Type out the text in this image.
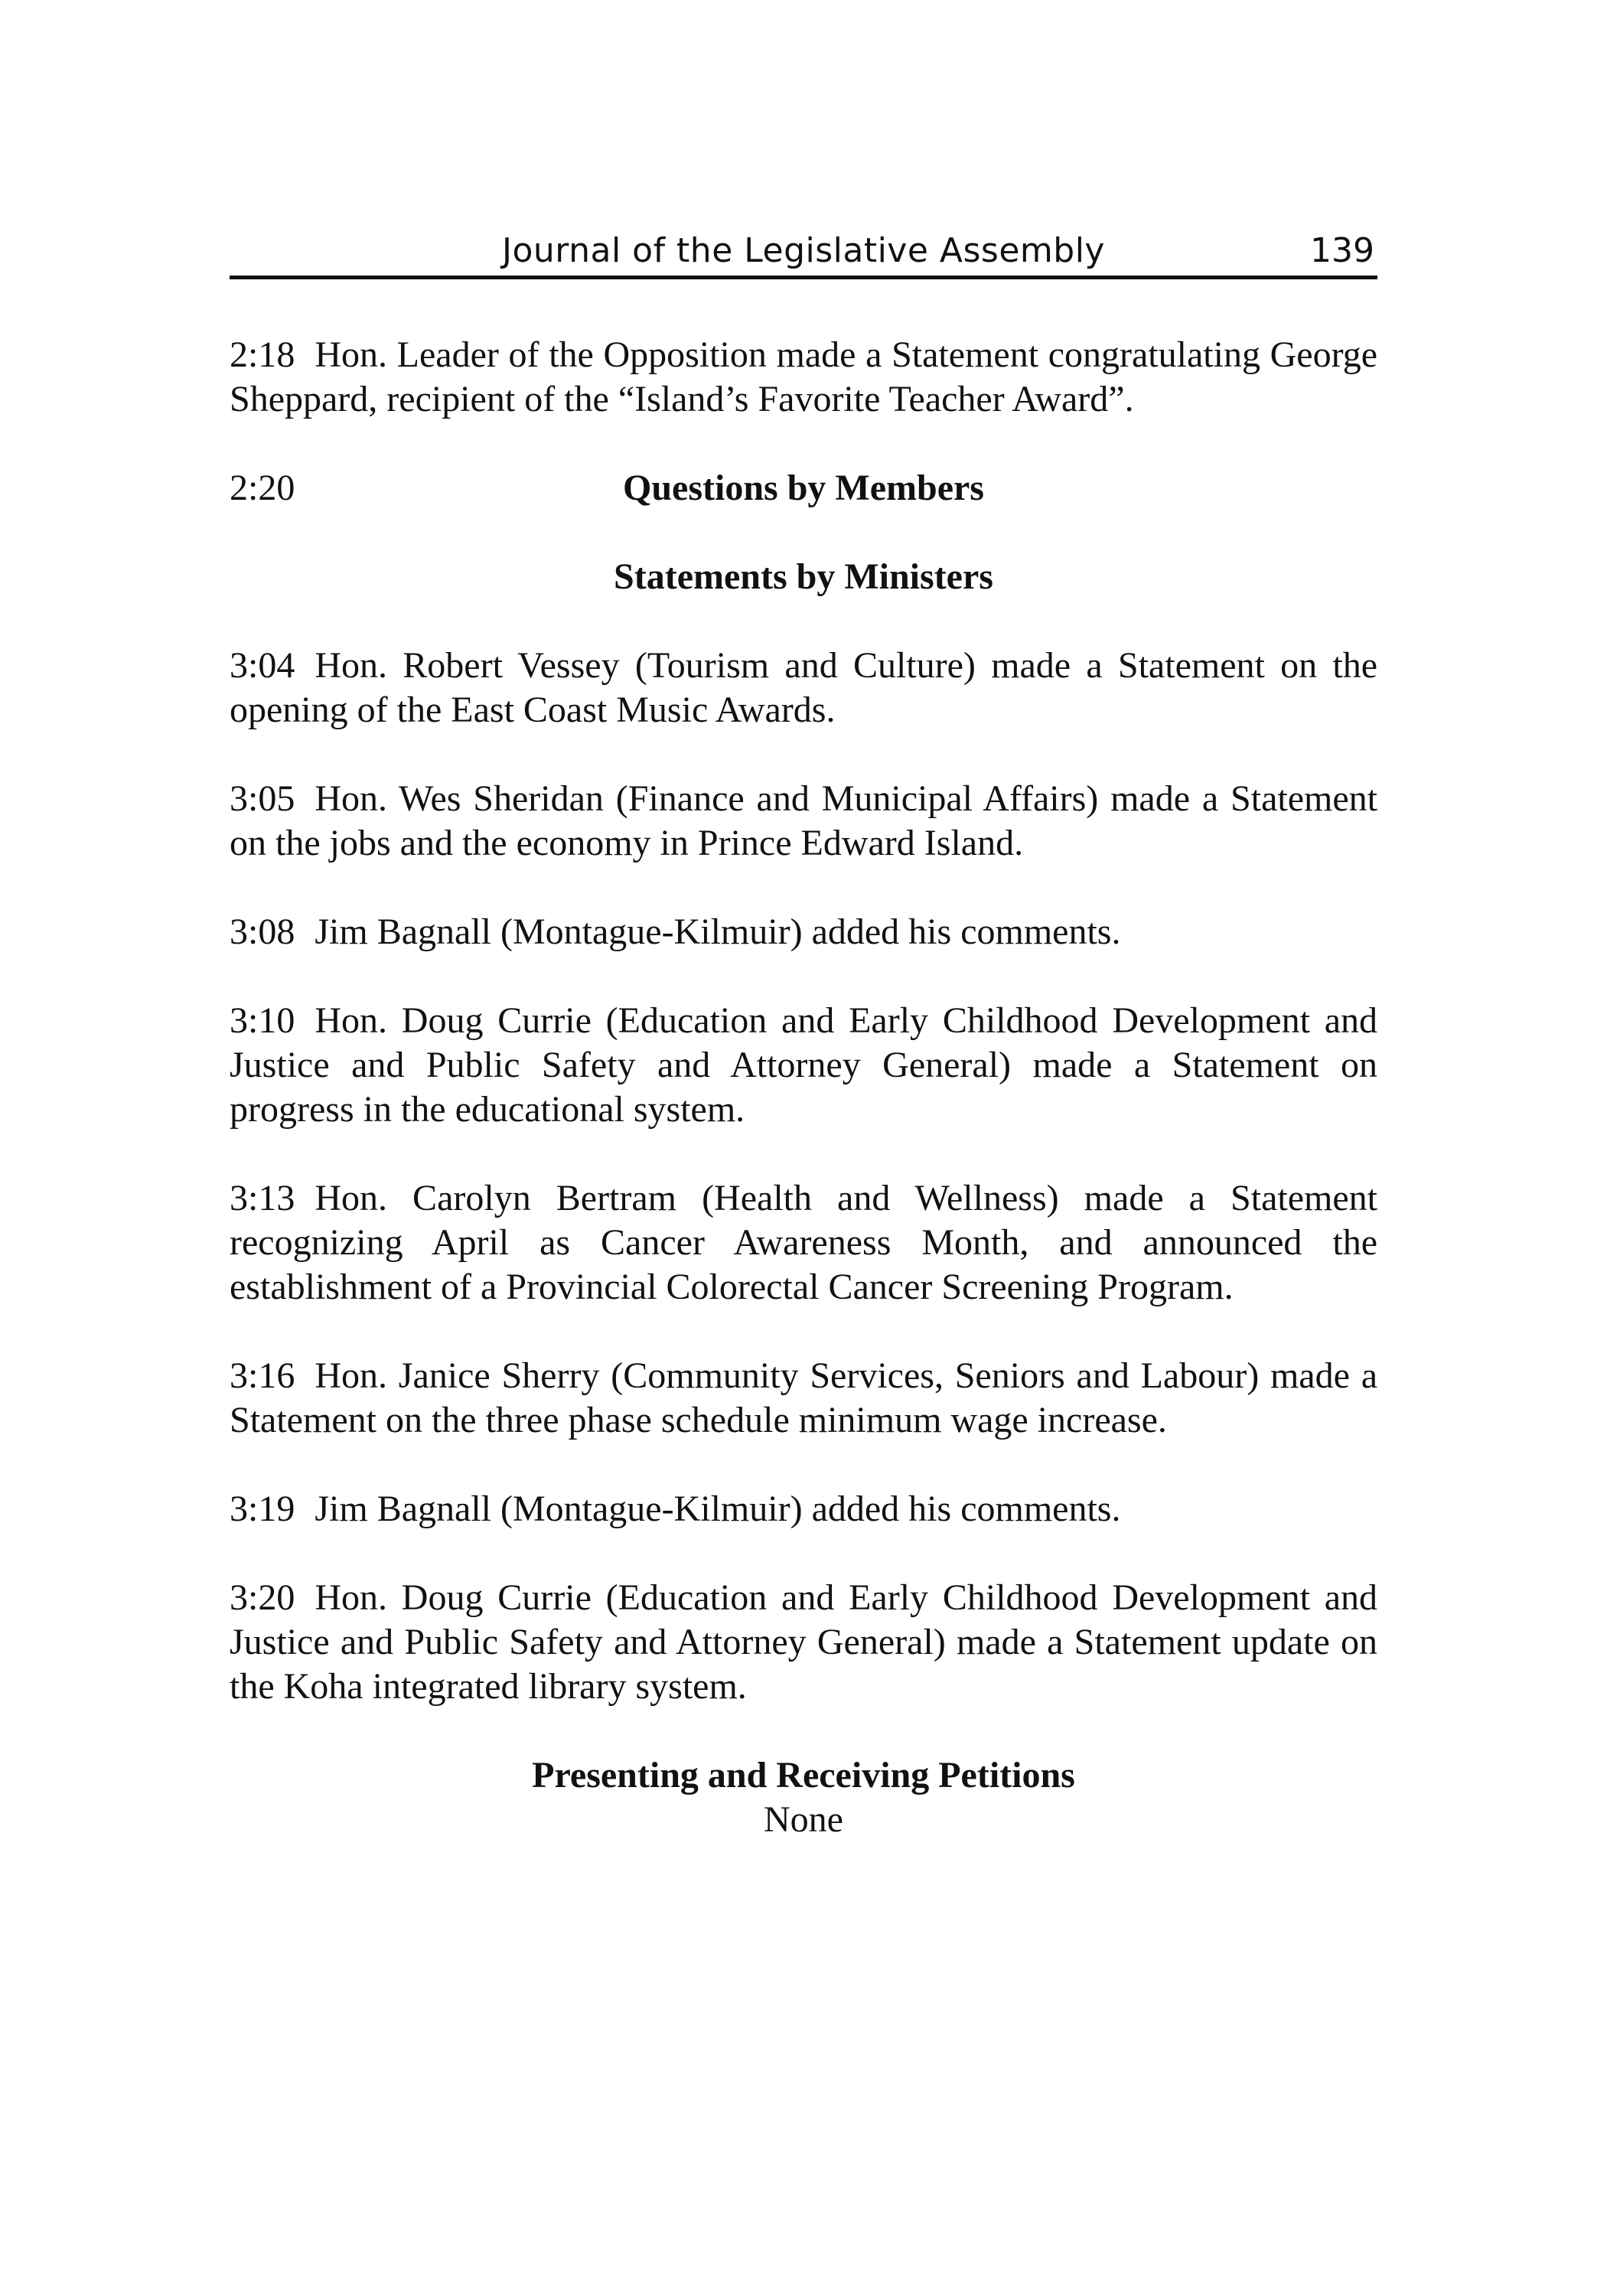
Journal of the Legislative Assembly	139

2:18 Hon. Leader of the Opposition made a Statement congratulating George Sheppard, recipient of the “Island’s Favorite Teacher Award”.

2:20	Questions by Members
Statements by Ministers

3:04 Hon. Robert Vessey (Tourism and Culture) made a Statement on the opening of the East Coast Music Awards.

3:05 Hon. Wes Sheridan (Finance and Municipal Affairs) made a Statement on the jobs and the economy in Prince Edward Island.

3:08 Jim Bagnall (Montague-Kilmuir) added his comments.

3:10 Hon. Doug Currie (Education and Early Childhood Development and Justice and Public Safety and Attorney General) made a Statement on progress in the educational system.

3:13 Hon. Carolyn Bertram (Health and Wellness) made a Statement recognizing April as Cancer Awareness Month, and announced the establishment of a Provincial Colorectal Cancer Screening Program.

3:16 Hon. Janice Sherry (Community Services, Seniors and Labour) made a Statement on the three phase schedule minimum wage increase.

3:19 Jim Bagnall (Montague-Kilmuir) added his comments.

3:20 Hon. Doug Currie (Education and Early Childhood Development and Justice and Public Safety and Attorney General) made a Statement update on the Koha integrated library system.

Presenting and Receiving Petitions
None
